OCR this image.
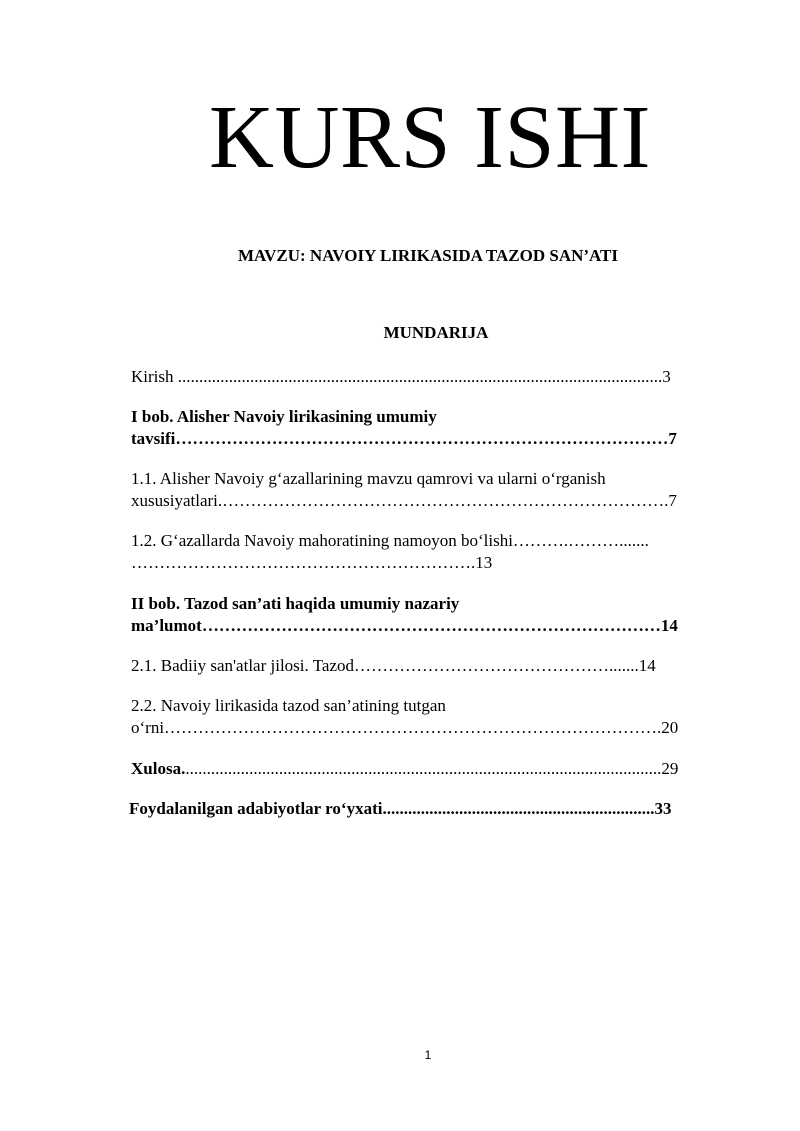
KURS ISHI
MAVZU: NAVOIY LIRIKASIDA TAZOD SAN’ATI
MUNDARIJA
Kirish ..................................................................................................................3
I bob. Alisher Navoiy lirikasining umumiy
tavsifi……………………………………………………………………………7
1.1. Alisher Navoiy g‘azallarining mavzu qamrovi va ularni o‘rganish
xususiyatlari.…………………………………………………………………….7
1.2. G‘azallarda Navoiy mahoratining namoyon bo‘lishi……….……….......
…………………………………………………….13
II bob. Tazod san’ati haqida umumiy nazariy
ma’lumot………………………………………………………………………14
2.1. Badiiy san'atlar jilosi. Tazod……………………………………….......14
2.2. Navoiy lirikasida tazod san’atining tutgan
o‘rni…………………………………………………………………………….20
Xulosa.................................................................................................................29
Foydalanilgan adabiyotlar ro‘yxati................................................................33
1
